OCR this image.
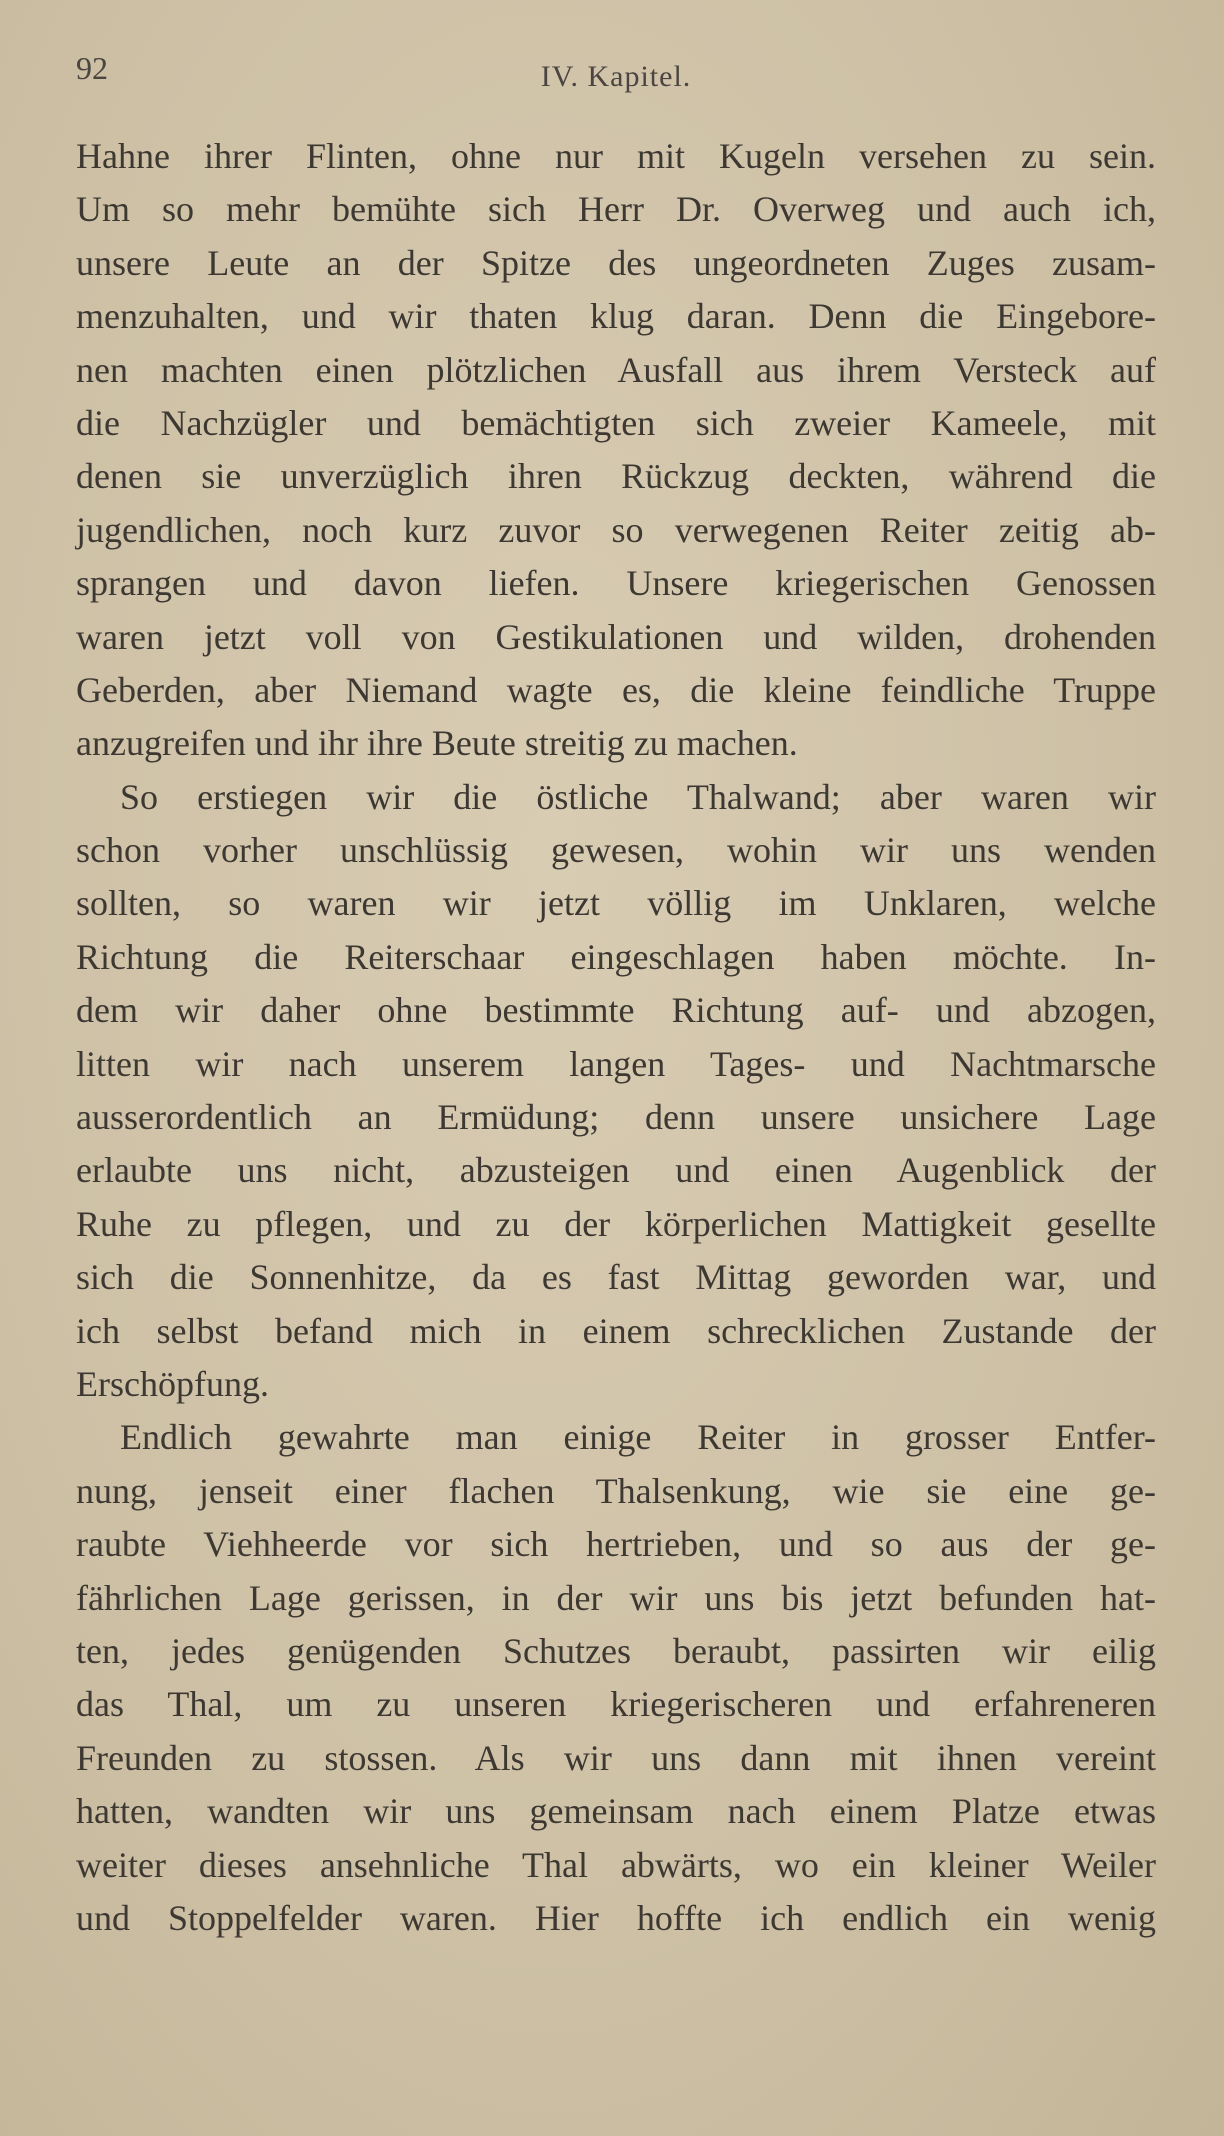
92	IV. Kapitel.
Hahne ihrer Flinten, ohne nur mit Kugeln versehen zu sein.
Um so mehr bemühte sich Herr Dr. Overweg und auch ich,
unsere Leute an der Spitze des ungeordneten Zuges zusam-
menzuhalten, und wir thaten klug daran. Denn die Eingebore-
nen machten einen plötzlichen Ausfall aus ihrem Versteck auf
die Nachzügler und bemächtigten sich zweier Kameele, mit
denen sie unverzüglich ihren Rückzug deckten, während die
jugendlichen, noch kurz zuvor so verwegenen Reiter zeitig ab-
sprangen und davon liefen. Unsere kriegerischen Genossen
waren jetzt voll von Gestikulationen und wilden, drohenden
Geberden, aber Niemand wagte es, die kleine feindliche Truppe
anzugreifen und ihr ihre Beute streitig zu machen.
So erstiegen wir die östliche Thalwand; aber waren wir
schon vorher unschlüssig gewesen, wohin wir uns wenden
sollten, so waren wir jetzt völlig im Unklaren, welche
Richtung die Reiterschaar eingeschlagen haben möchte. In-
dem wir daher ohne bestimmte Richtung auf- und abzogen,
litten wir nach unserem langen Tages- und Nachtmarsche
ausserordentlich an Ermüdung; denn unsere unsichere Lage
erlaubte uns nicht, abzusteigen und einen Augenblick der
Ruhe zu pflegen, und zu der körperlichen Mattigkeit gesellte
sich die Sonnenhitze, da es fast Mittag geworden war, und
ich selbst befand mich in einem schrecklichen Zustande der
Erschöpfung.
Endlich gewahrte man einige Reiter in grosser Entfer-
nung, jenseit einer flachen Thalsenkung, wie sie eine ge-
raubte Viehheerde vor sich hertrieben, und so aus der ge-
fährlichen Lage gerissen, in der wir uns bis jetzt befunden hat-
ten, jedes genügenden Schutzes beraubt, passirten wir eilig
das Thal, um zu unseren kriegerischeren und erfahreneren
Freunden zu stossen. Als wir uns dann mit ihnen vereint
hatten, wandten wir uns gemeinsam nach einem Platze etwas
weiter dieses ansehnliche Thal abwärts, wo ein kleiner Weiler
und Stoppelfelder waren. Hier hoffte ich endlich ein wenig
